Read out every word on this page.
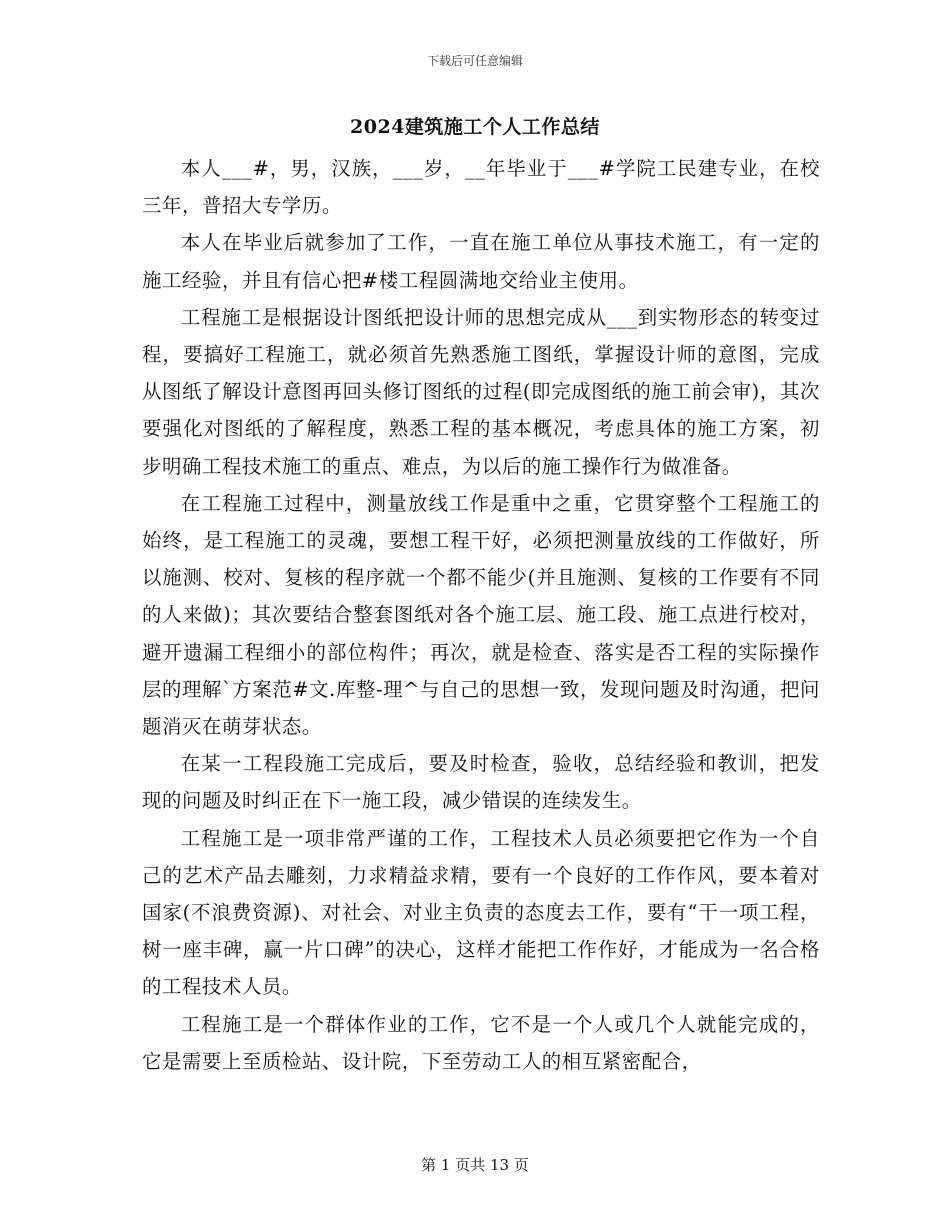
下载后可任意编辑
2024建筑施工个人工作总结

本人___#，男，汉族，___岁，__年毕业于___#学院工民建专业，在校三年，普招大专学历。

本人在毕业后就参加了工作，一直在施工单位从事技术施工，有一定的施工经验，并且有信心把#楼工程圆满地交给业主使用。

工程施工是根据设计图纸把设计师的思想完成从___到实物形态的转变过程，要搞好工程施工，就必须首先熟悉施工图纸，掌握设计师的意图，完成从图纸了解设计意图再回头修订图纸的过程(即完成图纸的施工前会审)，其次要强化对图纸的了解程度，熟悉工程的基本概况，考虑具体的施工方案，初步明确工程技术施工的重点、难点，为以后的施工操作行为做准备。

在工程施工过程中，测量放线工作是重中之重，它贯穿整个工程施工的始终，是工程施工的灵魂，要想工程干好，必须把测量放线的工作做好，所以施测、校对、复核的程序就一个都不能少(并且施测、复核的工作要有不同的人来做)；其次要结合整套图纸对各个施工层、施工段、施工点进行校对，避开遗漏工程细小的部位构件；再次，就是检查、落实是否工程的实际操作层的理解`方案范#文.库整-理^与自己的思想一致，发现问题及时沟通，把问题消灭在萌芽状态。

在某一工程段施工完成后，要及时检查，验收，总结经验和教训，把发现的问题及时纠正在下一施工段，减少错误的连续发生。

工程施工是一项非常严谨的工作，工程技术人员必须要把它作为一个自己的艺术产品去雕刻，力求精益求精，要有一个良好的工作作风，要本着对国家(不浪费资源)、对社会、对业主负责的态度去工作，要有“干一项工程，树一座丰碑，赢一片口碑”的决心，这样才能把工作作好，才能成为一名合格的工程技术人员。

工程施工是一个群体作业的工作，它不是一个人或几个人就能完成的，它是需要上至质检站、设计院，下至劳动工人的相互紧密配合，

第 1 页共 13 页
